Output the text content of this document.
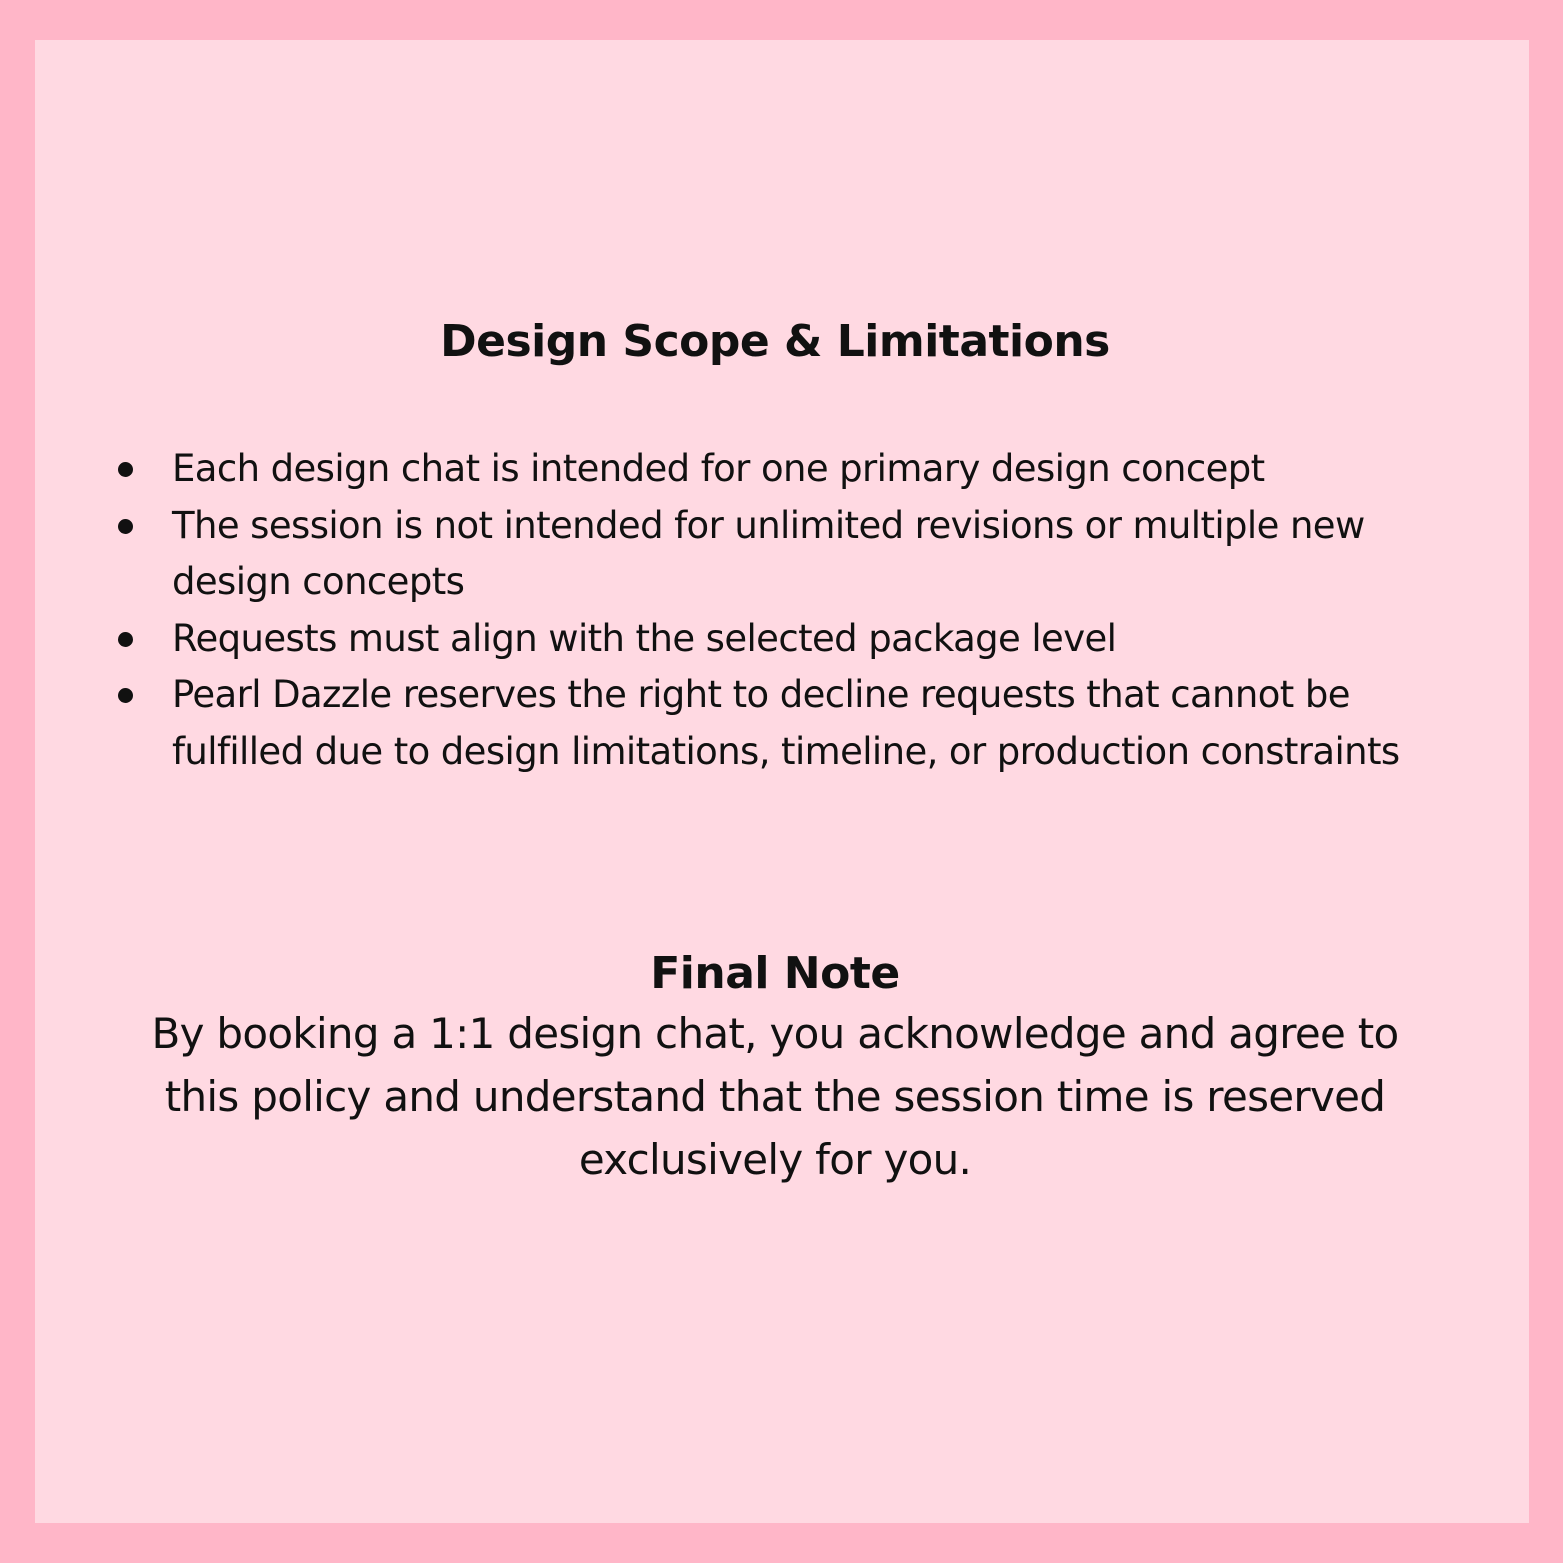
Design Scope & Limitations
Each design chat is intended for one primary design concept
The session is not intended for unlimited revisions or multiple new design concepts
Requests must align with the selected package level
Pearl Dazzle reserves the right to decline requests that cannot be fulfilled due to design limitations, timeline, or production constraints
Final Note

By booking a 1:1 design chat, you acknowledge and agree to this policy and understand that the session time is reserved exclusively for you.
